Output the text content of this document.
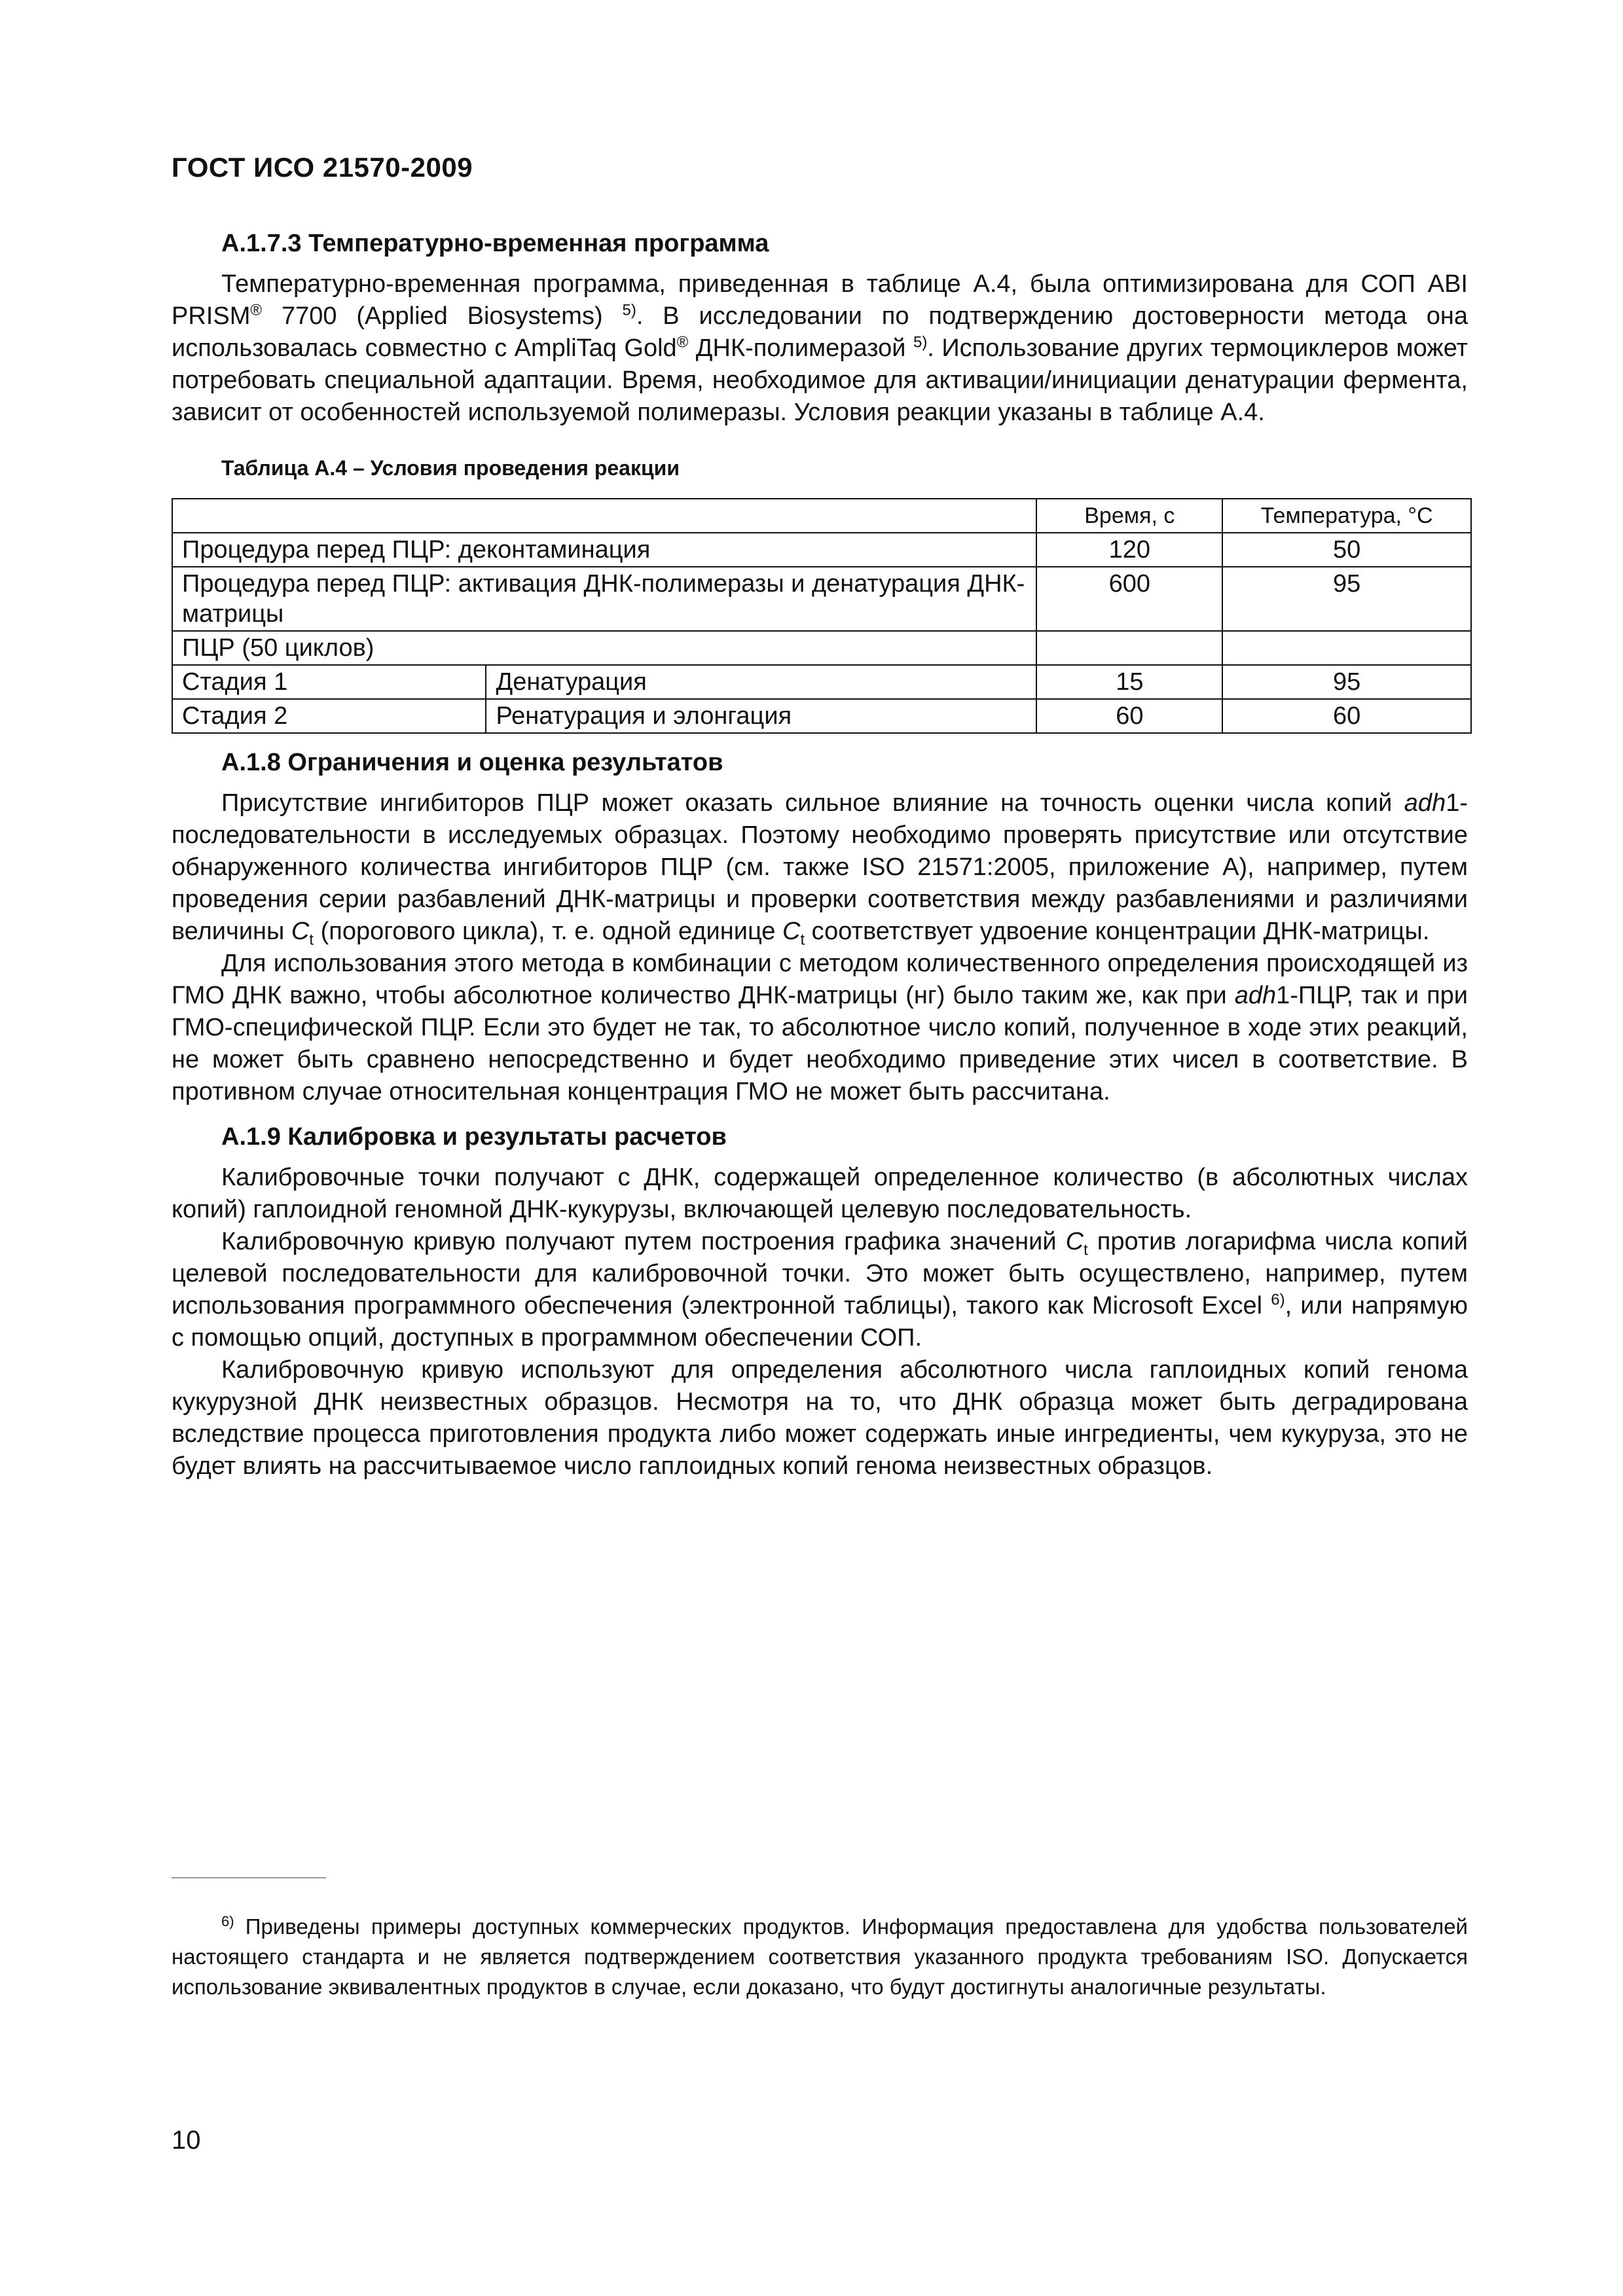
ГОСТ ИСО 21570-2009
А.1.7.3 Температурно-временная программа

Температурно-временная программа, приведенная в таблице А.4, была оптимизирована для СОП ABI PRISM® 7700 (Applied Biosystems) $^{5)}$. В исследовании по подтверждению достоверности метода она использовалась совместно с AmpliTaq Gold® ДНК-полимеразой $^{5)}$. Использование других термоциклеров может потребовать специальной адаптации. Время, необходимое для активации/инициации денатурации фермента, зависит от особенностей используемой полимеразы. Условия реакции указаны в таблице А.4.

Таблица А.4 – Условия проведения реакции
		Время, с	Температура, °С
Процедура перед ПЦР: деконтаминация		120	50
Процедура перед ПЦР: активация ДНК-полимеразы и денатурация ДНК-матрицы		600	95
ПЦР (50 циклов)			
Стадия 1	Денатурация	15	95
Стадия 2	Ренатурация и элонгация	60	60
А.1.8 Ограничения и оценка результатов

Присутствие ингибиторов ПЦР может оказать сильное влияние на точность оценки числа копий adh1-последовательности в исследуемых образцах. Поэтому необходимо проверять присутствие или отсутствие обнаруженного количества ингибиторов ПЦР (см. также ISO 21571:2005, приложение А), например, путем проведения серии разбавлений ДНК-матрицы и проверки соответствия между разбавлениями и различиями величины $C_t$ (порогового цикла), т. е. одной единице $C_t$ соответствует удвоение концентрации ДНК-матрицы.

Для использования этого метода в комбинации с методом количественного определения происходящей из ГМО ДНК важно, чтобы абсолютное количество ДНК-матрицы (нг) было таким же, как при adh1-ПЦР, так и при ГМО-специфической ПЦР. Если это будет не так, то абсолютное число копий, полученное в ходе этих реакций, не может быть сравнено непосредственно и будет необходимо приведение этих чисел в соответствие. В противном случае относительная концентрация ГМО не может быть рассчитана.

А.1.9 Калибровка и результаты расчетов

Калибровочные точки получают с ДНК, содержащей определенное количество (в абсолютных числах копий) гаплоидной геномной ДНК-кукурузы, включающей целевую последовательность.

Калибровочную кривую получают путем построения графика значений $C_t$ против логарифма числа копий целевой последовательности для калибровочной точки. Это может быть осуществлено, например, путем использования программного обеспечения (электронной таблицы), такого как Microsoft Excel $^{6)}$, или напрямую с помощью опций, доступных в программном обеспечении СОП.

Калибровочную кривую используют для определения абсолютного числа гаплоидных копий генома кукурузной ДНК неизвестных образцов. Несмотря на то, что ДНК образца может быть деградирована вследствие процесса приготовления продукта либо может содержать иные ингредиенты, чем кукуруза, это не будет влиять на рассчитываемое число гаплоидных копий генома неизвестных образцов.

$^{6)}$ Приведены примеры доступных коммерческих продуктов. Информация предоставлена для удобства пользователей настоящего стандарта и не является подтверждением соответствия указанного продукта требованиям ISO. Допускается использование эквивалентных продуктов в случае, если доказано, что будут достигнуты аналогичные результаты.

10
